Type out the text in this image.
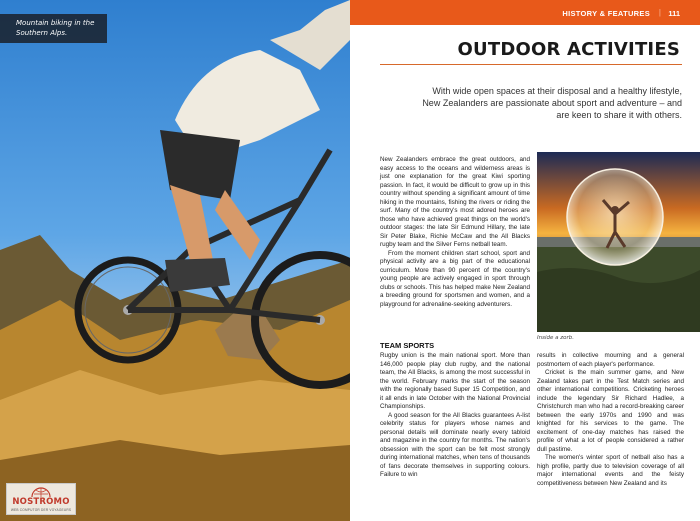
Mountain biking in the Southern Alps.
NOSTROMO
WEB COMPUTOR DER VOYAGEURS
HISTORY & FEATURES | 111
OUTDOOR ACTIVITIES
With wide open spaces at their disposal and a healthy lifestyle, New Zealanders are passionate about sport and adventure – and are keen to share it with others.

New Zealanders embrace the great outdoors, and easy access to the oceans and wilderness areas is just one explanation for the great Kiwi sporting passion. In fact, it would be difficult to grow up in this country without spending a significant amount of time hiking in the mountains, fishing the rivers or riding the surf. Many of the country's most adored heroes are those who have achieved great things on the world's outdoor stages: the late Sir Edmund Hillary, the late Sir Peter Blake, Richie McCaw and the All Blacks rugby team and the Silver Ferns netball team.

From the moment children start school, sport and physical activity are a big part of the educational curriculum. More than 90 percent of the country's young people are actively engaged in sport through clubs or schools. This has helped make New Zealand a breeding ground for sportsmen and women, and a playground for adrenaline-seeking adventurers.

Inside a zorb.
TEAM SPORTS

Rugby union is the main national sport. More than 146,000 people play club rugby, and the national team, the All Blacks, is among the most successful in the world. February marks the start of the season with the regionally based Super 15 Competition, and it all ends in late October with the National Provincial Championships.

A good season for the All Blacks guarantees A-list celebrity status for players whose names and personal details will dominate nearly every tabloid and magazine in the country for months. The nation's obsession with the sport can be felt most strongly during international matches, when tens of thousands of fans decorate themselves in supporting colours. Failure to win

results in collective mourning and a general postmortem of each player's performance.

Cricket is the main summer game, and New Zealand takes part in the Test Match series and other international competitions. Cricketing heroes include the legendary Sir Richard Hadlee, a Christchurch man who had a record-breaking career between the early 1970s and 1990 and was knighted for his services to the game. The excitement of one-day matches has raised the profile of what a lot of people considered a rather dull pastime.

The women's winter sport of netball also has a high profile, partly due to television coverage of all major international events and the feisty competitiveness between New Zealand and its
